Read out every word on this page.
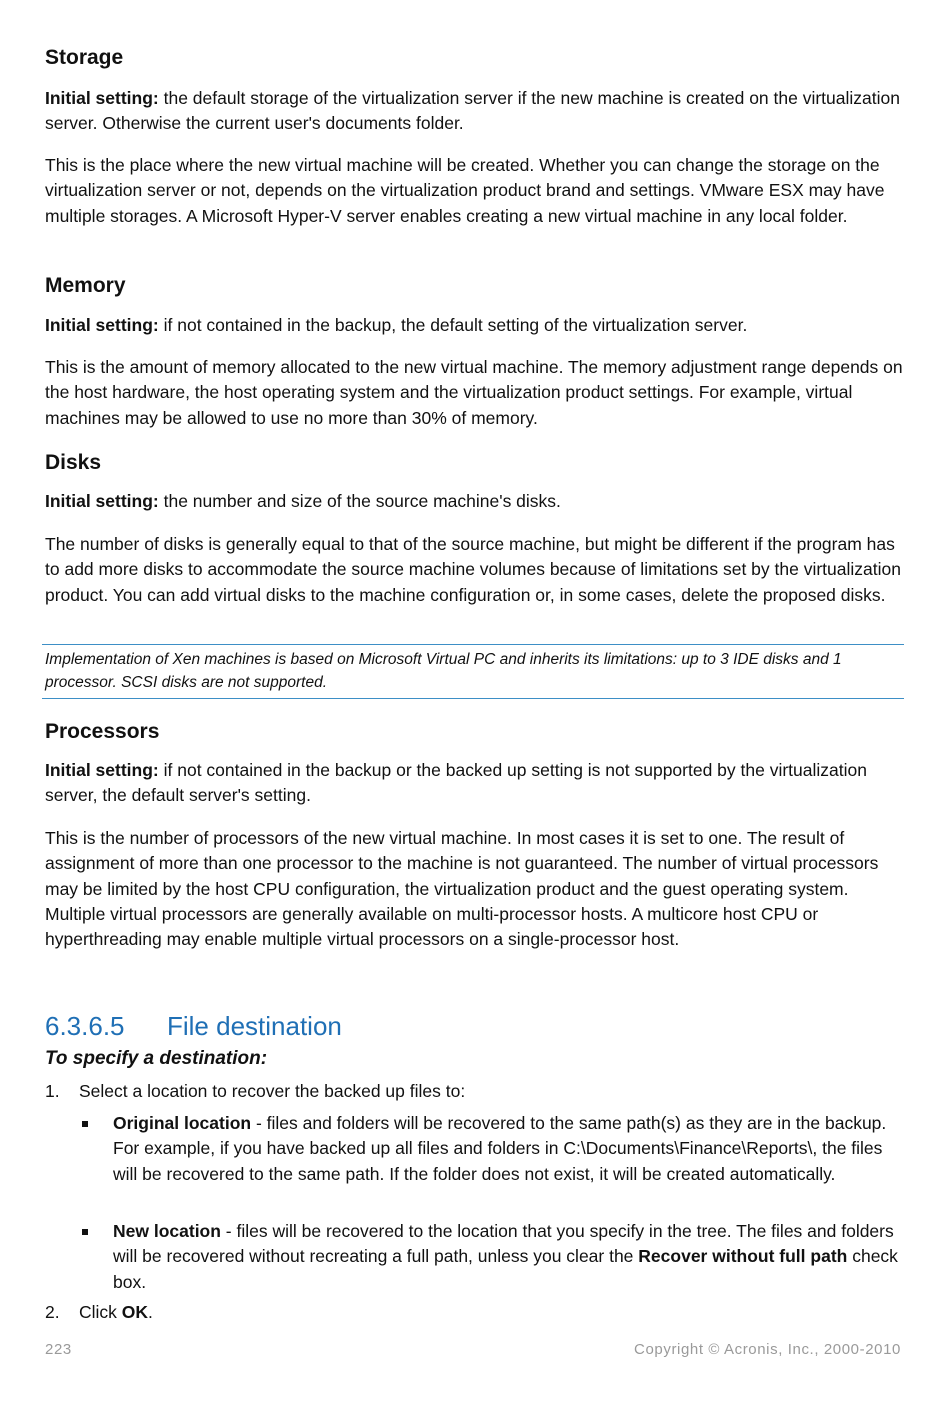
Storage

Initial setting: the default storage of the virtualization server if the new machine is created on the virtualization server. Otherwise the current user's documents folder.

This is the place where the new virtual machine will be created. Whether you can change the storage on the virtualization server or not, depends on the virtualization product brand and settings. VMware ESX may have multiple storages. A Microsoft Hyper-V server enables creating a new virtual machine in any local folder.

Memory

Initial setting: if not contained in the backup, the default setting of the virtualization server.

This is the amount of memory allocated to the new virtual machine. The memory adjustment range depends on the host hardware, the host operating system and the virtualization product settings. For example, virtual machines may be allowed to use no more than 30% of memory.

Disks

Initial setting: the number and size of the source machine's disks.

The number of disks is generally equal to that of the source machine, but might be different if the program has to add more disks to accommodate the source machine volumes because of limitations set by the virtualization product. You can add virtual disks to the machine configuration or, in some cases, delete the proposed disks.

Implementation of Xen machines is based on Microsoft Virtual PC and inherits its limitations: up to 3 IDE disks and 1 processor. SCSI disks are not supported.
Processors

Initial setting: if not contained in the backup or the backed up setting is not supported by the virtualization server, the default server's setting.

This is the number of processors of the new virtual machine. In most cases it is set to one. The result of assignment of more than one processor to the machine is not guaranteed. The number of virtual processors may be limited by the host CPU configuration, the virtualization product and the guest operating system. Multiple virtual processors are generally available on multi-processor hosts. A multicore host CPU or hyperthreading may enable multiple virtual processors on a single-processor host.

6.3.6.5 File destination
To specify a destination:
1. Select a location to recover the backed up files to:
Original location - files and folders will be recovered to the same path(s) as they are in the backup. For example, if you have backed up all files and folders in C:\Documents\Finance\Reports\, the files will be recovered to the same path. If the folder does not exist, it will be created automatically.
New location - files will be recovered to the location that you specify in the tree. The files and folders will be recovered without recreating a full path, unless you clear the Recover without full path check box.
2. Click OK.
223	Copyright © Acronis, Inc., 2000-2010
